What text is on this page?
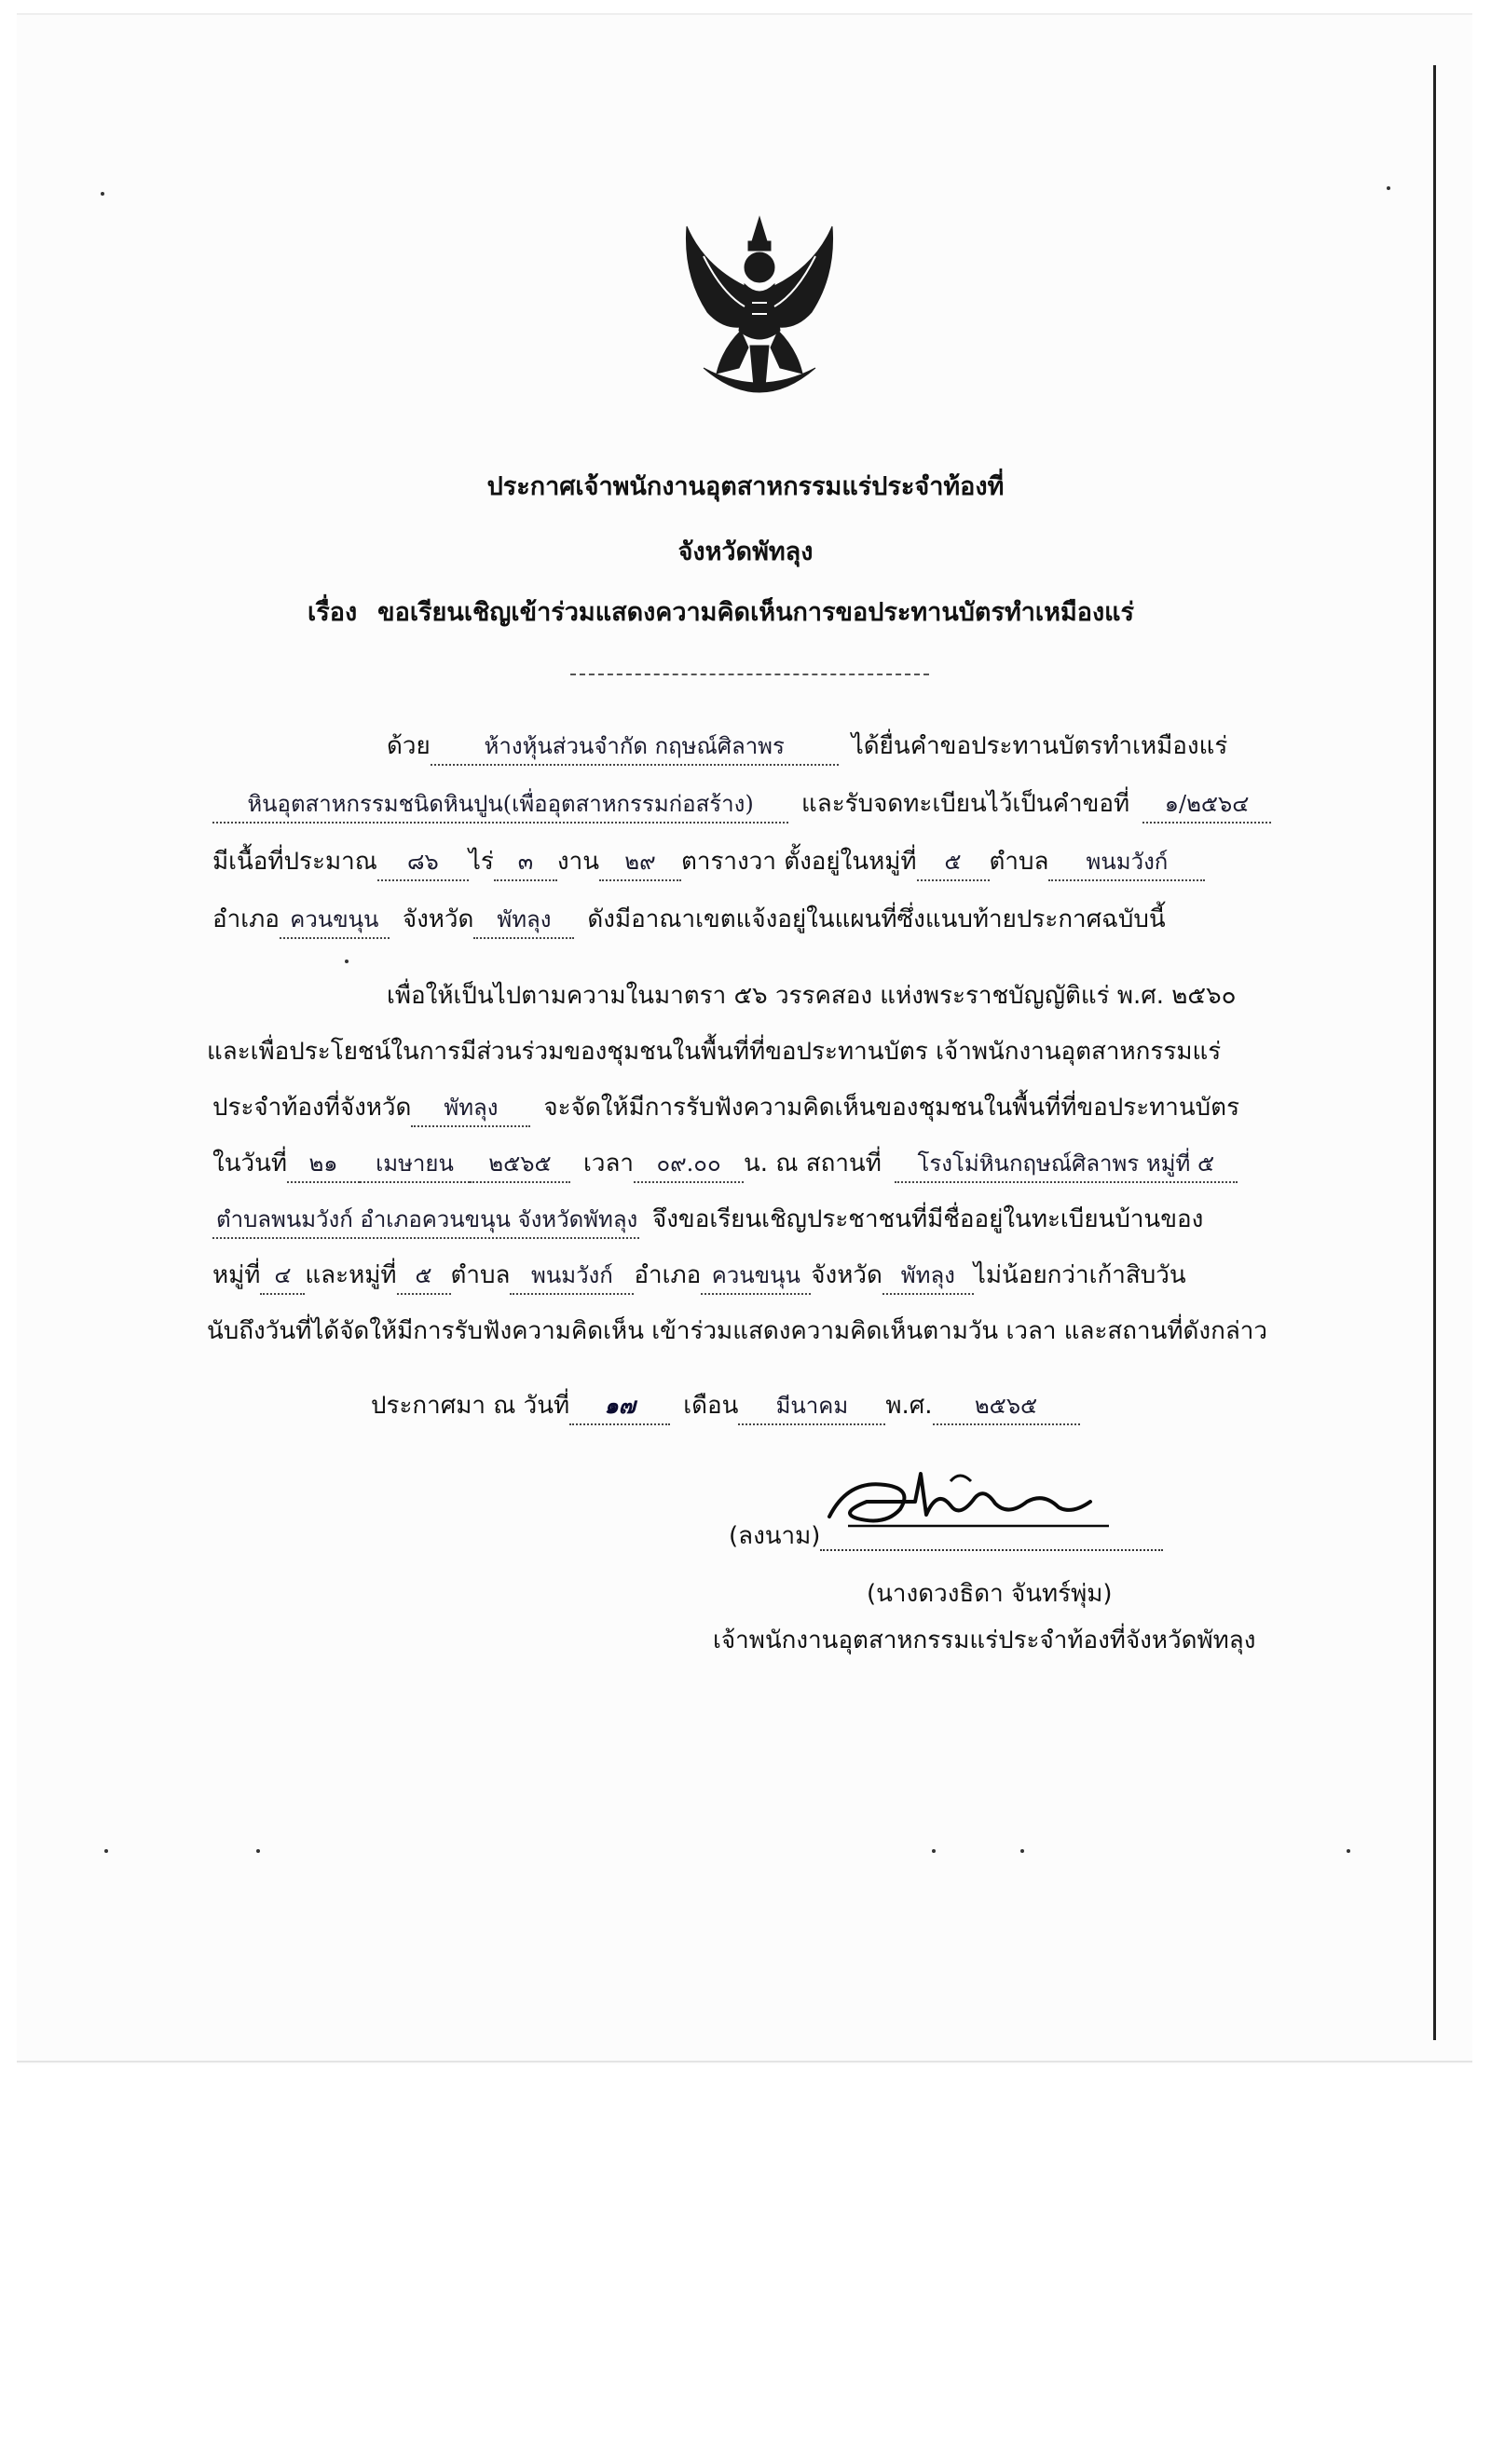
ประกาศเจ้าพนักงานอุตสาหกรรมแร่ประจำท้องที่
จังหวัดพัทลุง
เรื่อง ขอเรียนเชิญเข้าร่วมแสดงความคิดเห็นการขอประทานบัตรทำเหมืองแร่
ด้วย ห้างหุ้นส่วนจำกัด กฤษณ์ศิลาพร	ได้ยื่นคำขอประทานบัตรทำเหมืองแร่
หินอุตสาหกรรมชนิดหินปูน(เพื่ออุตสาหกรรมก่อสร้าง) และรับจดทะเบียนไว้เป็นคำขอที่ ๑/๒๕๖๔
มีเนื้อที่ประมาณ ๘๖ ไร่ ๓ งาน ๒๙ ตารางวา ตั้งอยู่ในหมู่ที่ ๕ ตำบล พนมวังก์
อำเภอ ควนขนุน จังหวัด พัทลุง ดังมีอาณาเขตแจ้งอยู่ในแผนที่ซึ่งแนบท้ายประกาศฉบับนี้
เพื่อให้เป็นไปตามความในมาตรา ๕๖ วรรคสอง แห่งพระราชบัญญัติแร่ พ.ศ. ๒๕๖๐
และเพื่อประโยชน์ในการมีส่วนร่วมของชุมชนในพื้นที่ที่ขอประทานบัตร เจ้าพนักงานอุตสาหกรรมแร่
ประจำท้องที่จังหวัด พัทลุง จะจัดให้มีการรับฟังความคิดเห็นของชุมชนในพื้นที่ที่ขอประทานบัตร
ในวันที่ ๒๑ เมษายน ๒๕๖๕ เวลา ๐๙.๐๐ น. ณ สถานที่ โรงโม่หินกฤษณ์ศิลาพร หมู่ที่ ๕
ตำบลพนมวังก์ อำเภอควนขนุน จังหวัดพัทลุง จึงขอเรียนเชิญประชาชนที่มีชื่ออยู่ในทะเบียนบ้านของ
หมู่ที่ ๔ และหมู่ที่ ๕ ตำบล พนมวังก์ อำเภอ ควนขนุน จังหวัด พัทลุง ไม่น้อยกว่าเก้าสิบวัน
นับถึงวันที่ได้จัดให้มีการรับฟังความคิดเห็น เข้าร่วมแสดงความคิดเห็นตามวัน เวลา และสถานที่ดังกล่าว
ประกาศมา ณ วันที่ ๑๗ เดือน มีนาคม พ.ศ. ๒๕๖๕
(ลงนาม)
(นางดวงธิดา จันทร์พุ่ม)
เจ้าพนักงานอุตสาหกรรมแร่ประจำท้องที่จังหวัดพัทลุง
